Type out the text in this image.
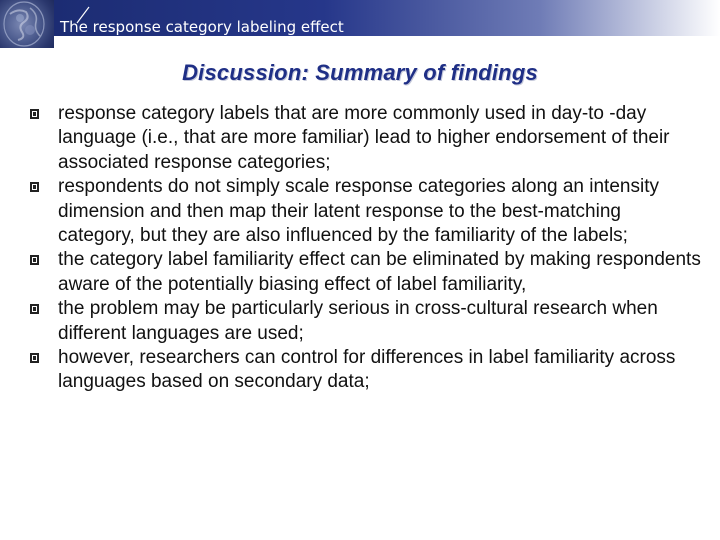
The response category labeling effect
Discussion: Summary of findings
response category labels that are more commonly used in day-to -day language (i.e., that are more familiar) lead to higher endorsement of their associated response categories;
respondents do not simply scale response categories along an intensity dimension and then map their latent response to the best-matching category, but they are also influenced by the familiarity of the labels;
the category label familiarity effect can be eliminated by making respondents aware of the potentially biasing effect of label familiarity,
the problem may be particularly serious in cross-cultural research when different languages are used;
however, researchers can control for differences in label familiarity across languages based on secondary data;
